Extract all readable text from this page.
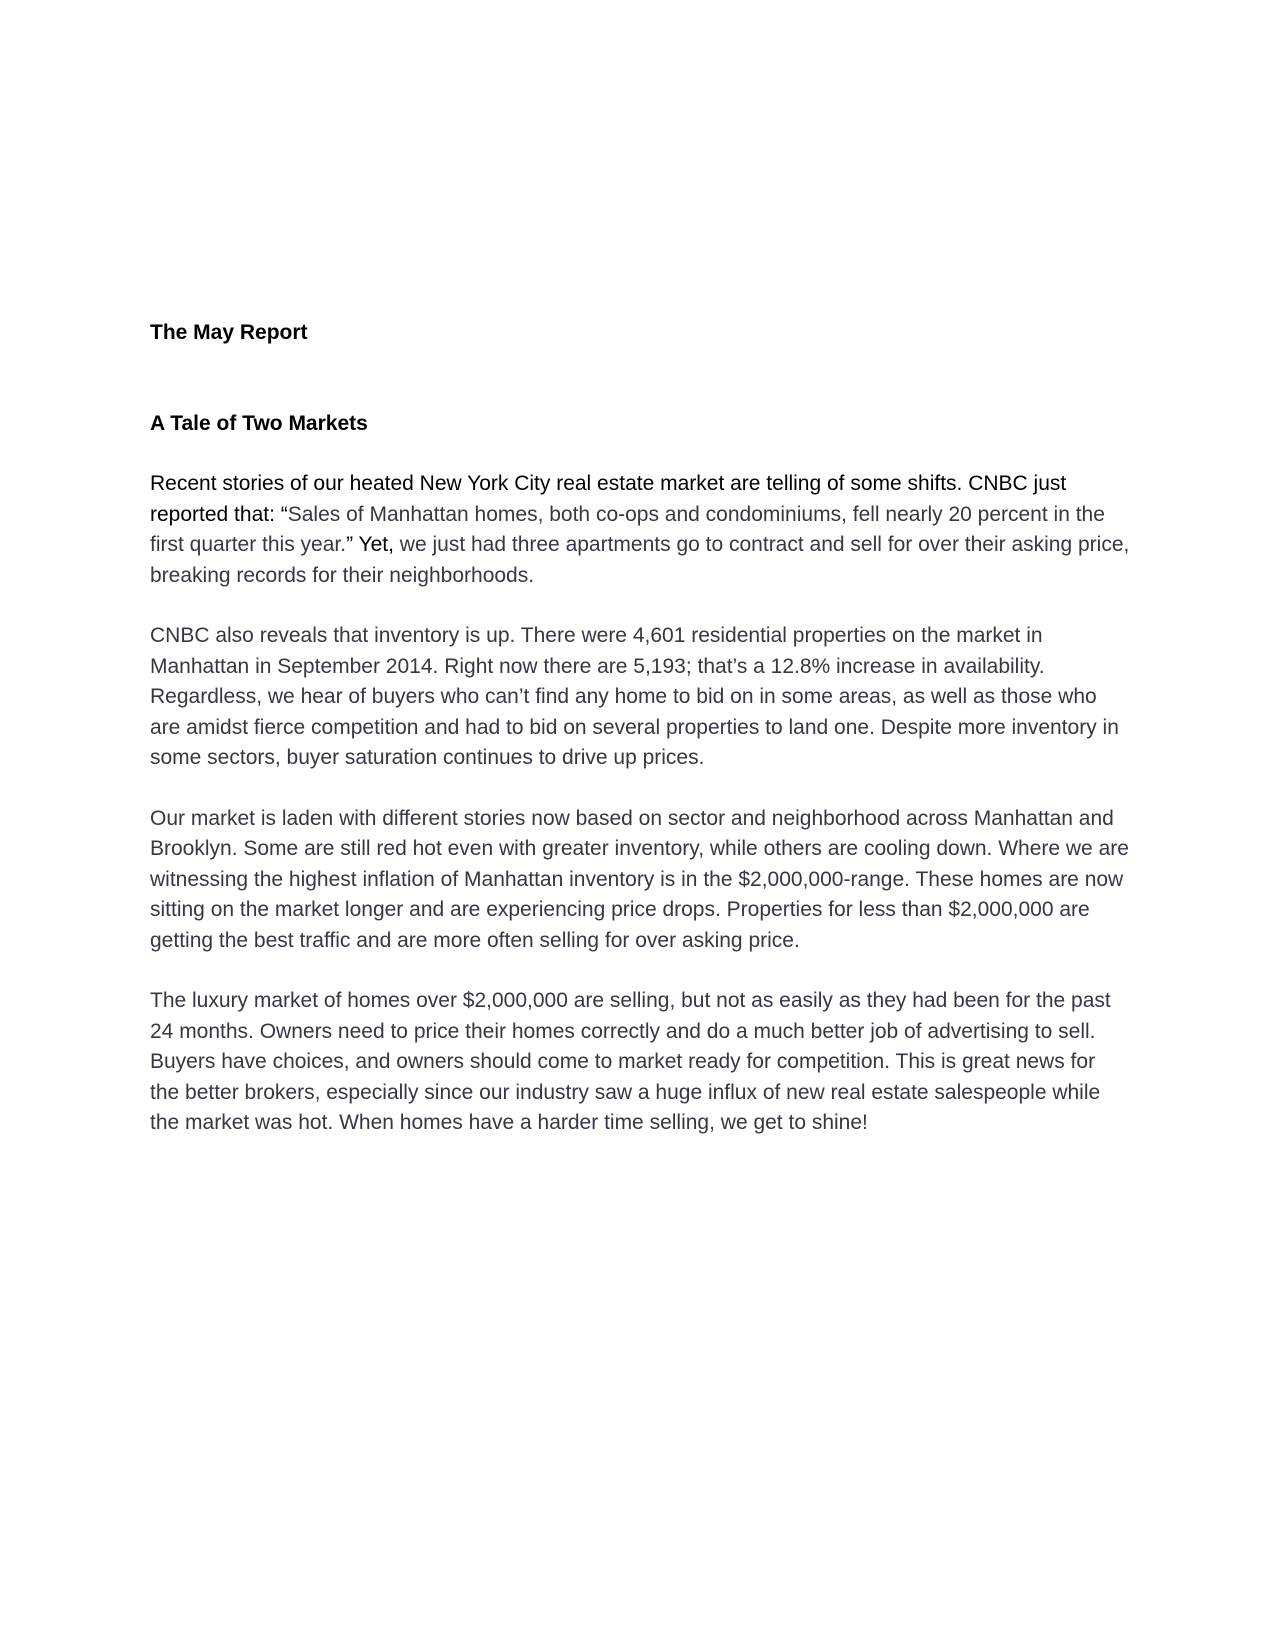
The May Report

A Tale of Two Markets

Recent stories of our heated New York City real estate market are telling of some shifts. CNBC just reported that: “Sales of Manhattan homes, both co-ops and condominiums, fell nearly 20 percent in the first quarter this year.” Yet, we just had three apartments go to contract and sell for over their asking price, breaking records for their neighborhoods.

CNBC also reveals that inventory is up. There were 4,601 residential properties on the market in Manhattan in September 2014. Right now there are 5,193; that’s a 12.8% increase in availability. Regardless, we hear of buyers who can’t find any home to bid on in some areas, as well as those who are amidst fierce competition and had to bid on several properties to land one. Despite more inventory in some sectors, buyer saturation continues to drive up prices.

Our market is laden with different stories now based on sector and neighborhood across Manhattan and Brooklyn. Some are still red hot even with greater inventory, while others are cooling down. Where we are witnessing the highest inflation of Manhattan inventory is in the $2,000,000-range. These homes are now sitting on the market longer and are experiencing price drops. Properties for less than $2,000,000 are getting the best traffic and are more often selling for over asking price.

The luxury market of homes over $2,000,000 are selling, but not as easily as they had been for the past 24 months. Owners need to price their homes correctly and do a much better job of advertising to sell. Buyers have choices, and owners should come to market ready for competition. This is great news for the better brokers, especially since our industry saw a huge influx of new real estate salespeople while the market was hot. When homes have a harder time selling, we get to shine!
